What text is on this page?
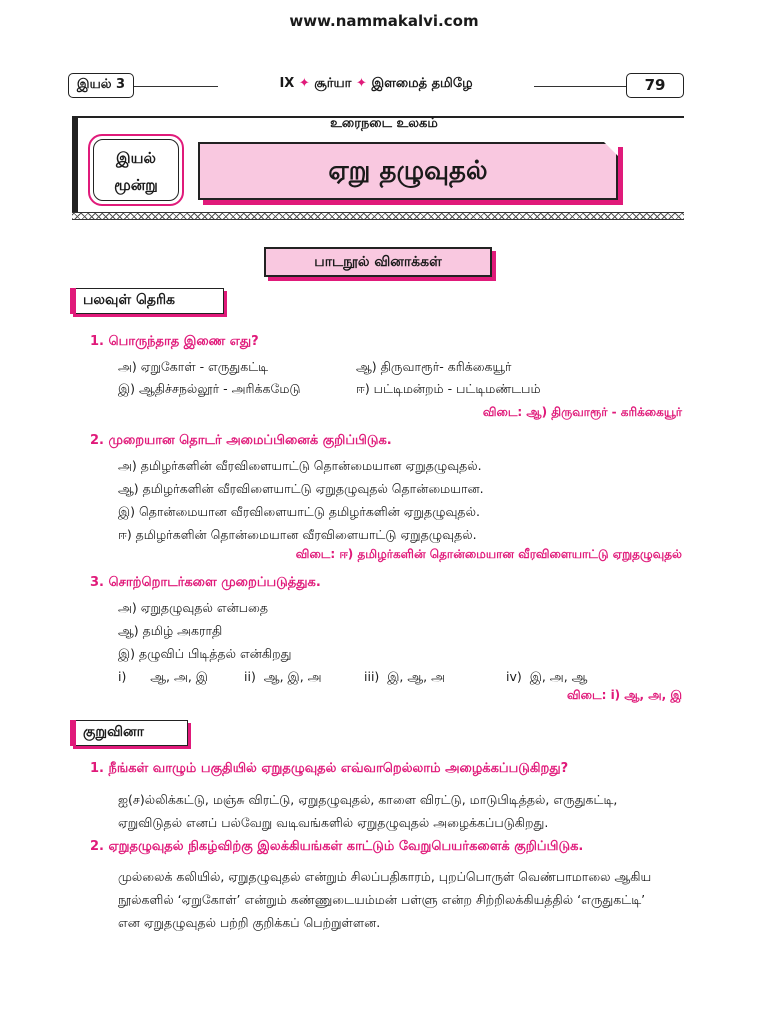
www.nammakalvi.com
இயல் 3	IX ✦ சூர்யா ✦ இளமைத் தமிழே	79
இயல்
மூன்று	ஏறு தழுவுதல்
உரைநடை உலகம்
பாடநூல் வினாக்கள்
பலவுள் தெரிக
1. பொருந்தாத இணை எது?
அ) ஏறுகோள் - எருதுகட்டி	ஆ) திருவாரூர்- கரிக்கையூர்
இ) ஆதிச்சநல்லூர் - அரிக்கமேடு	ஈ) பட்டிமன்றம் - பட்டிமண்டபம்
விடை: ஆ) திருவாரூர் - கரிக்கையூர்
2. முறையான தொடர் அமைப்பினைக் குறிப்பிடுக.
அ) தமிழர்களின் வீரவிளையாட்டு தொன்மையான ஏறுதழுவுதல்.
ஆ) தமிழர்களின் வீரவிளையாட்டு ஏறுதழுவுதல் தொன்மையான.
இ) தொன்மையான வீரவிளையாட்டு தமிழர்களின் ஏறுதழுவுதல்.
ஈ) தமிழர்களின் தொன்மையான வீரவிளையாட்டு ஏறுதழுவுதல்.
விடை: ஈ) தமிழர்களின் தொன்மையான வீரவிளையாட்டு ஏறுதழுவுதல்
3. சொற்றொடர்களை முறைப்படுத்துக.
அ) ஏறுதழுவுதல் என்பதை
ஆ) தமிழ் அகராதி
இ) தழுவிப் பிடித்தல் என்கிறது
i) ஆ, அ, இ	ii) ஆ, இ, அ	iii) இ, ஆ, அ	iv) இ, அ, ஆ
விடை: i) ஆ, அ, இ
குறுவினா
1. நீங்கள் வாழும் பகுதியில் ஏறுதழுவுதல் எவ்வாறெல்லாம் அழைக்கப்படுகிறது?
ஐ(ச)ல்லிக்கட்டு, மஞ்சு விரட்டு, ஏறுதழுவுதல், காளை விரட்டு, மாடுபிடித்தல், எருதுகட்டி,
ஏறுவிடுதல் எனப் பல்வேறு வடிவங்களில் ஏறுதழுவுதல் அழைக்கப்படுகிறது.
2. ஏறுதழுவுதல் நிகழ்விற்கு இலக்கியங்கள் காட்டும் வேறுபெயர்களைக் குறிப்பிடுக.
முல்லைக் கலியில், ஏறுதழுவுதல் என்றும் சிலப்பதிகாரம், புறப்பொருள் வெண்பாமாலை ஆகிய
நூல்களில் ‘ஏறுகோள்’ என்றும் கண்ணுடையம்மன் பள்ளு என்ற சிற்றிலக்கியத்தில் ‘எருதுகட்டி’
என ஏறுதழுவுதல் பற்றி குறிக்கப் பெற்றுள்ளன.
